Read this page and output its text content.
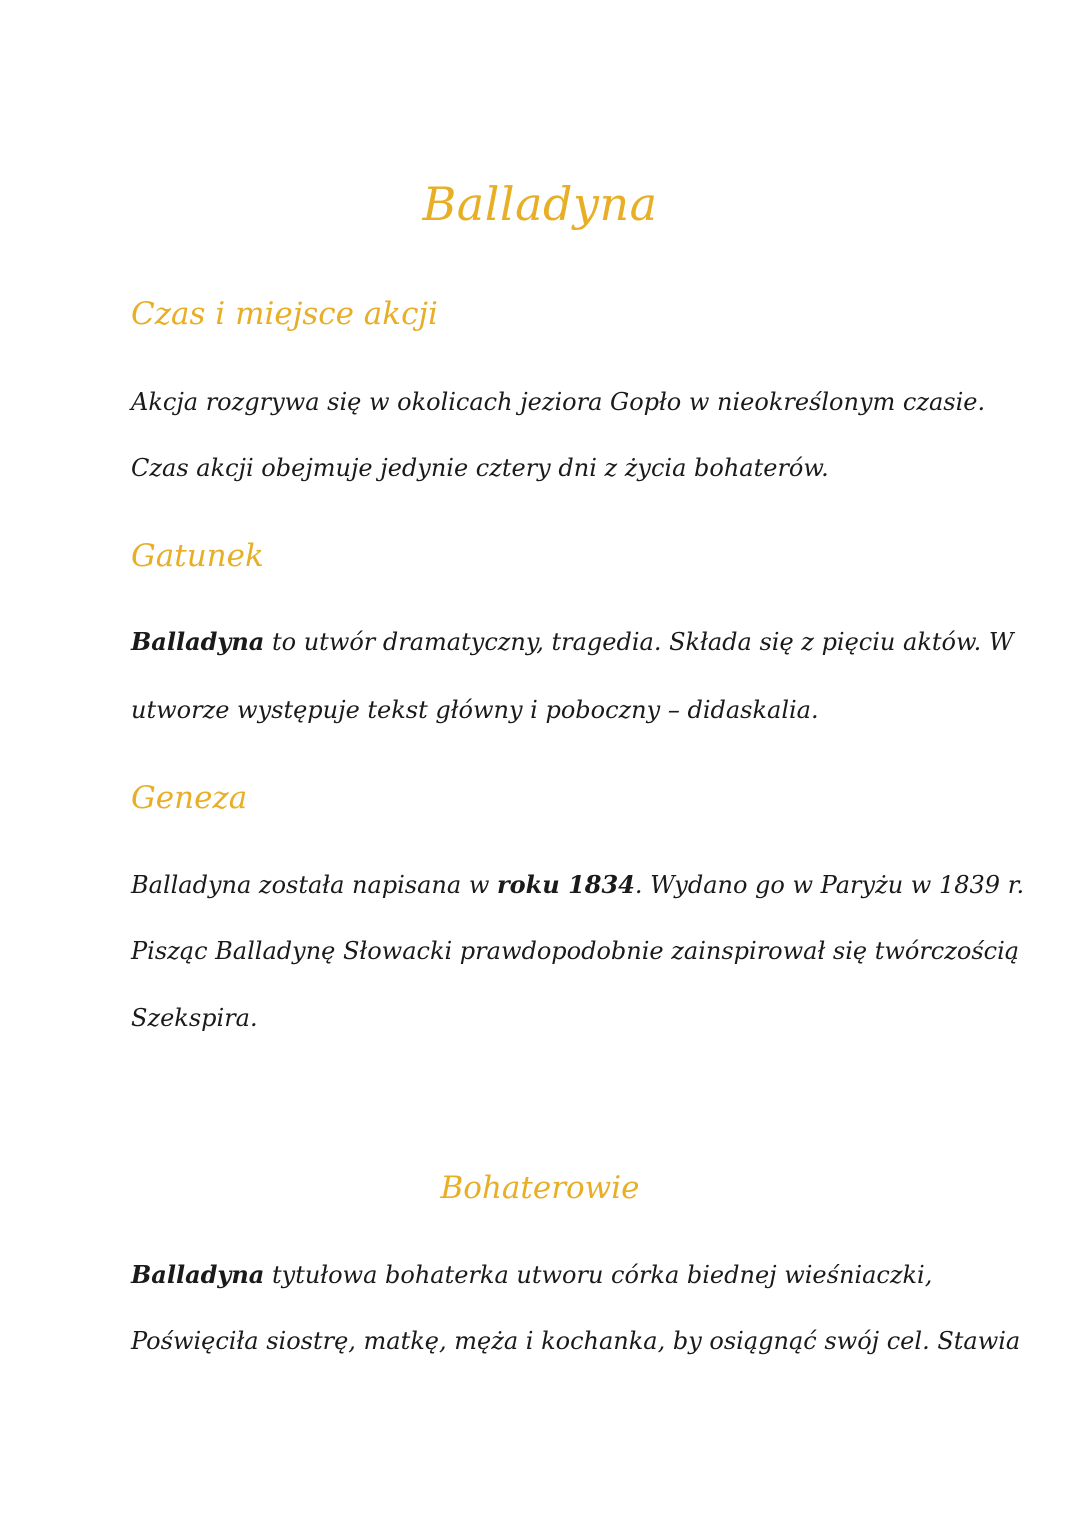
Balladyna
Czas i miejsce akcji
Akcja rozgrywa się w okolicach jeziora Gopło w nieokreślonym czasie.
Czas akcji obejmuje jedynie cztery dni z życia bohaterów.
Gatunek
Balladyna to utwór dramatyczny, tragedia. Składa się z pięciu aktów. W
utworze występuje tekst główny i poboczny – didaskalia.
Geneza
Balladyna została napisana w roku 1834. Wydano go w Paryżu w 1839 r.
Pisząc Balladynę Słowacki prawdopodobnie zainspirował się twórczością
Szekspira.
Bohaterowie
Balladyna tytułowa bohaterka utworu córka biednej wieśniaczki,
Poświęciła siostrę, matkę, męża i kochanka, by osiągnąć swój cel. Stawia
